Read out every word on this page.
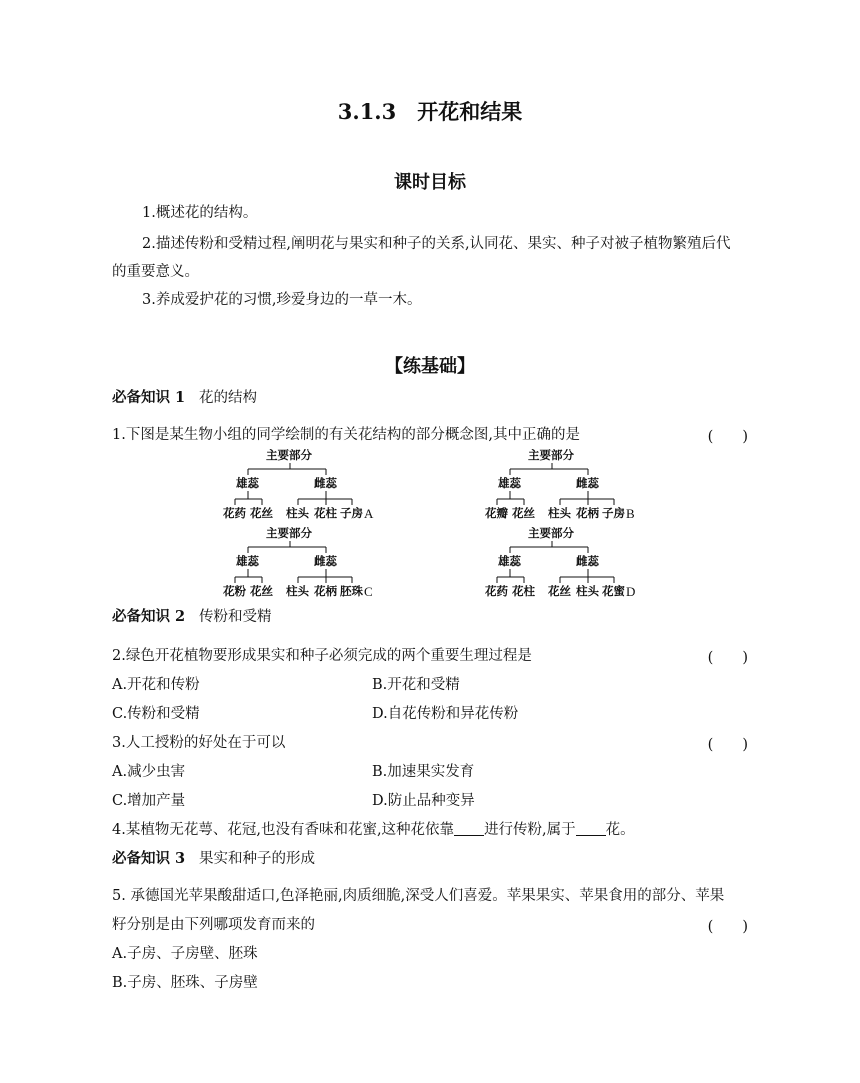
3.1.3　开花和结果
课时目标
1.概述花的结构。
2.描述传粉和受精过程,阐明花与果实和种子的关系,认同花、果实、种子对被子植物繁殖后代
的重要意义。
3.养成爱护花的习惯,珍爱身边的一草一木。
【练基础】
必备知识 1 花的结构
1.下图是某生物小组的同学绘制的有关花结构的部分概念图,其中正确的是	(　　)
主要部分
雄蕊	雌蕊
花药 花丝 柱头 花柱 子房 A
主要部分
雄蕊	雌蕊
花瓣 花丝 柱头 花柄 子房 B
主要部分
雄蕊	雌蕊
花粉 花丝 柱头 花柄 胚珠 C
主要部分
雄蕊	雌蕊
花药 花柱 花丝 柱头 花蜜 D
必备知识 2 传粉和受精
2.绿色开花植物要形成果实和种子必须完成的两个重要生理过程是	(　　)
A.开花和传粉	B.开花和受精
C.传粉和受精	D.自花传粉和异花传粉
3.人工授粉的好处在于可以	(　　)
A.减少虫害	B.加速果实发育
C.增加产量	D.防止品种变异
4.某植物无花萼、花冠,也没有香味和花蜜,这种花依靠 进行传粉,属于 花。
必备知识 3 果实和种子的形成
5. 承德国光苹果酸甜适口,色泽艳丽,肉质细脆,深受人们喜爱。苹果果实、苹果食用的部分、苹果
籽分别是由下列哪项发育而来的	(　　)
A.子房、子房壁、胚珠
B.子房、胚珠、子房壁
